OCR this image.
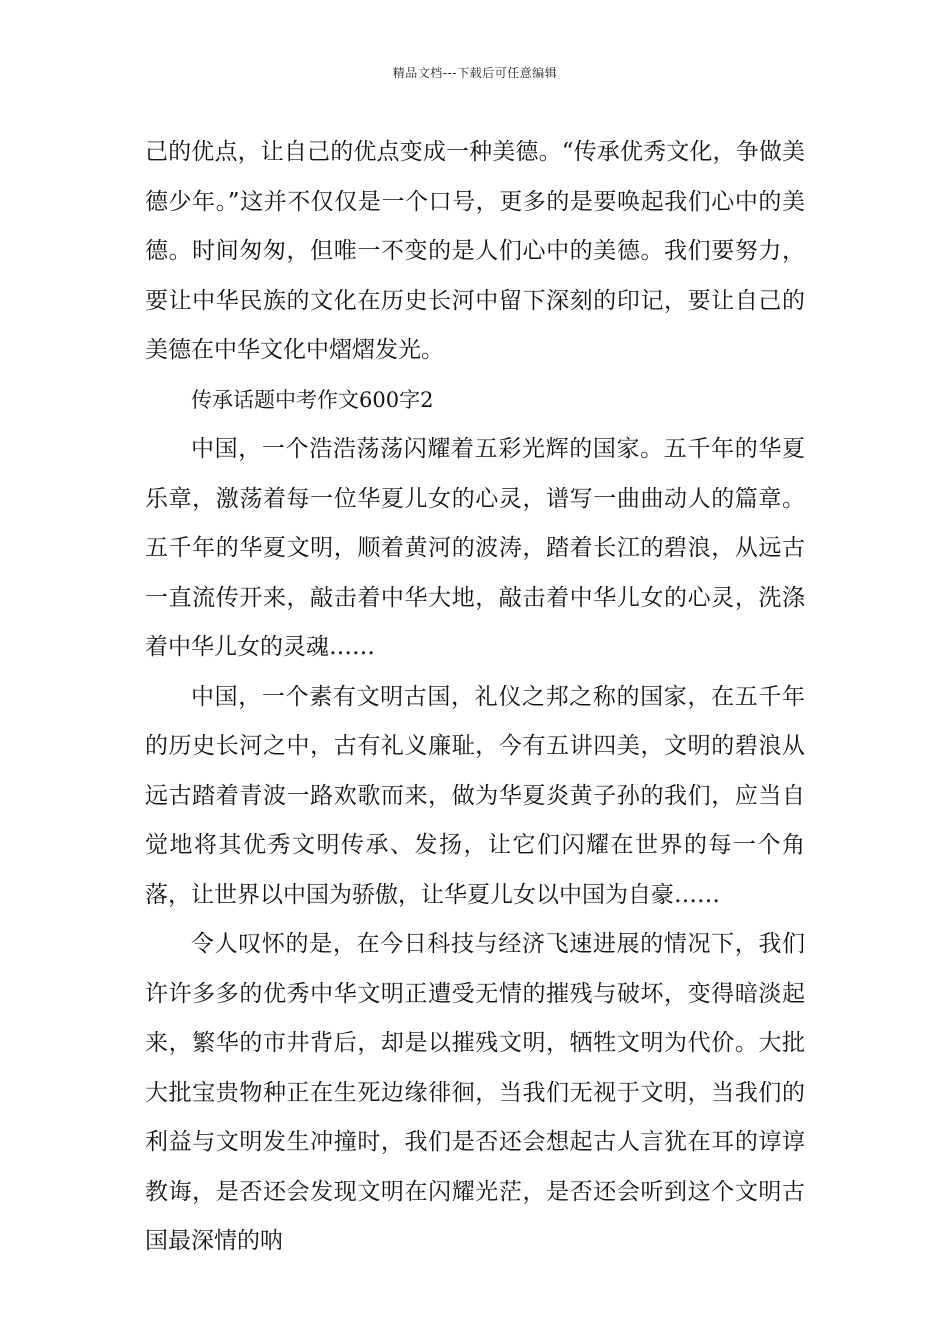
精品文档---下载后可任意编辑

己的优点，让自己的优点变成一种美德。“传承优秀文化，争做美德少年。”这并不仅仅是一个口号，更多的是要唤起我们心中的美德。时间匆匆，但唯一不变的是人们心中的美德。我们要努力，要让中华民族的文化在历史长河中留下深刻的印记，要让自己的美德在中华文化中熠熠发光。

传承话题中考作文600字2

中国，一个浩浩荡荡闪耀着五彩光辉的国家。五千年的华夏乐章，激荡着每一位华夏儿女的心灵，谱写一曲曲动人的篇章。五千年的华夏文明，顺着黄河的波涛，踏着长江的碧浪，从远古一直流传开来，敲击着中华大地，敲击着中华儿女的心灵，洗涤着中华儿女的灵魂……

中国，一个素有文明古国，礼仪之邦之称的国家，在五千年的历史长河之中，古有礼义廉耻，今有五讲四美，文明的碧浪从远古踏着青波一路欢歌而来，做为华夏炎黄子孙的我们，应当自觉地将其优秀文明传承、发扬，让它们闪耀在世界的每一个角落，让世界以中国为骄傲，让华夏儿女以中国为自豪……

令人叹怀的是，在今日科技与经济飞速进展的情况下，我们许许多多的优秀中华文明正遭受无情的摧残与破坏，变得暗淡起来，繁华的市井背后，却是以摧残文明，牺牲文明为代价。大批大批宝贵物种正在生死边缘徘徊，当我们无视于文明，当我们的利益与文明发生冲撞时，我们是否还会想起古人言犹在耳的谆谆教诲，是否还会发现文明在闪耀光茫，是否还会听到这个文明古国最深情的呐
